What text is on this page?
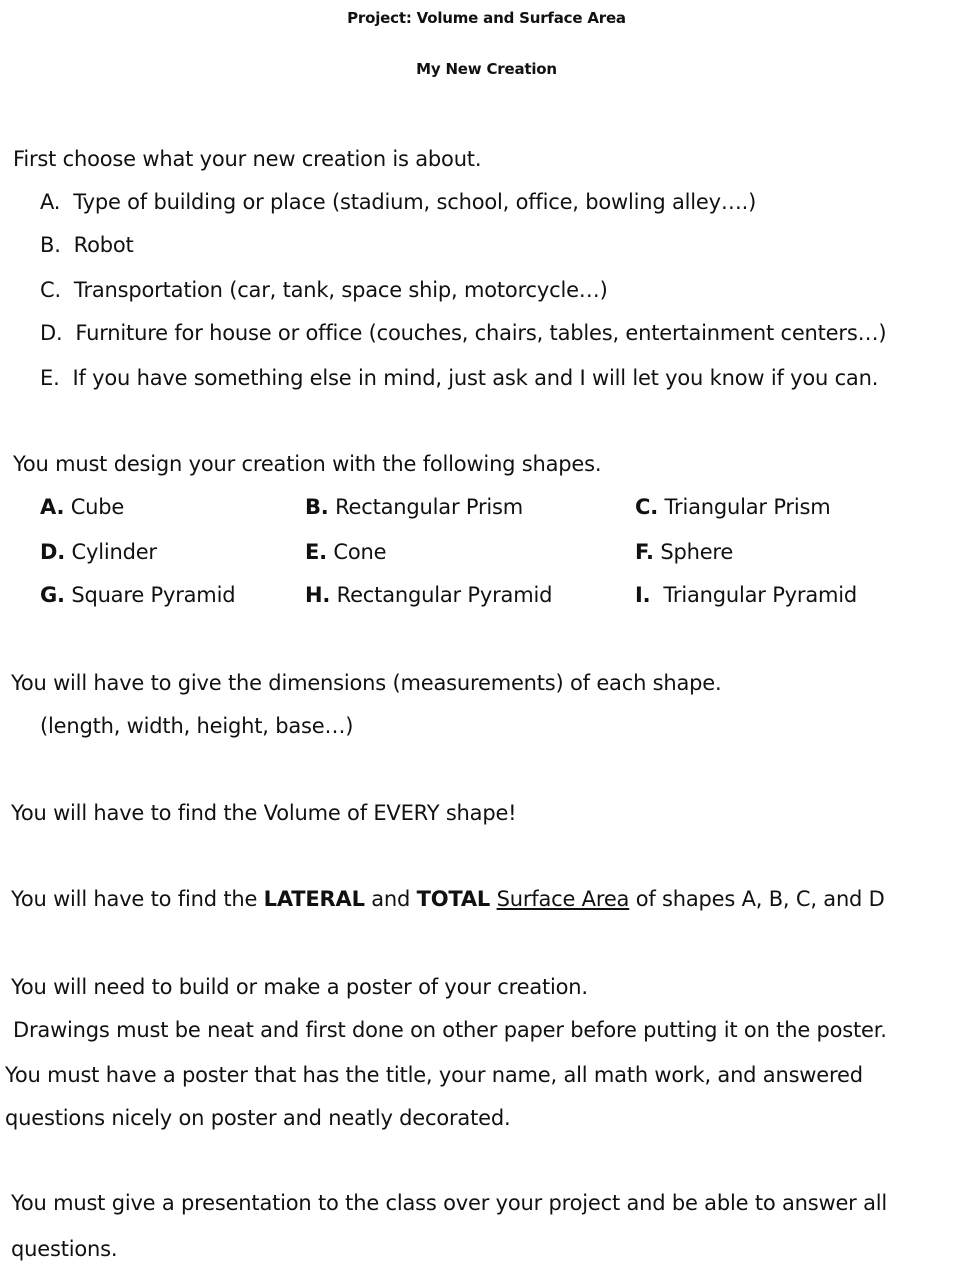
Project: Volume and Surface Area
My New Creation
First choose what your new creation is about.
A. Type of building or place (stadium, school, office, bowling alley….)
B. Robot
C. Transportation (car, tank, space ship, motorcycle…)
D. Furniture for house or office (couches, chairs, tables, entertainment centers…)
E. If you have something else in mind, just ask and I will let you know if you can.
You must design your creation with the following shapes.
A. Cube	B. Rectangular Prism	C. Triangular Prism
D. Cylinder	E. Cone	F. Sphere
G. Square Pyramid	H. Rectangular Pyramid	I. Triangular Pyramid
You will have to give the dimensions (measurements) of each shape.
(length, width, height, base…)
You will have to find the Volume of EVERY shape!
You will have to find the LATERAL and TOTAL Surface Area of shapes A, B, C, and D
You will need to build or make a poster of your creation.
Drawings must be neat and first done on other paper before putting it on the poster.
You must have a poster that has the title, your name, all math work, and answered
questions nicely on poster and neatly decorated.
You must give a presentation to the class over your project and be able to answer all
questions.
